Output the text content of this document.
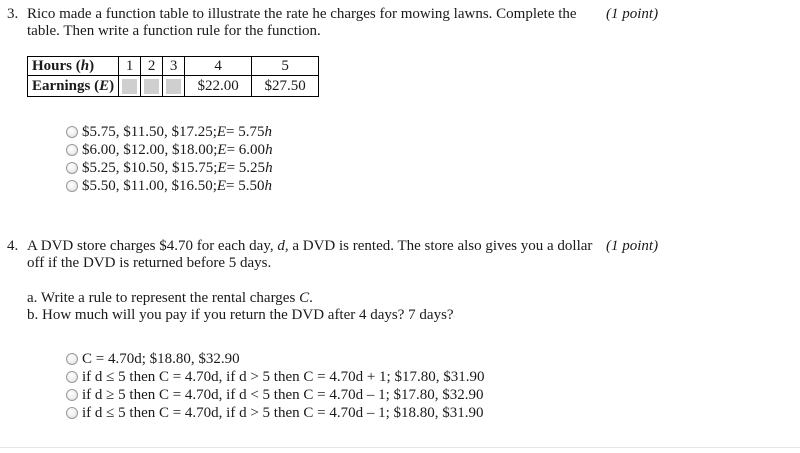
3. Rico made a function table to illustrate the rate he charges for mowing lawns. Complete the (1 point)
table. Then write a function rule for the function.
Hours (h)	1	2	3	4	5
Earnings (E)				$22.00	$27.50
$5.75, $11.50, $17.25; E = 5.75 h
$6.00, $12.00, $18.00; E = 6.00 h
$5.25, $10.50, $15.75; E = 5.25 h
$5.50, $11.00, $16.50; E = 5.50 h
4. A DVD store charges $4.70 for each day, d, a DVD is rented. The store also gives you a dollar (1 point)
off if the DVD is returned before 5 days.
a. Write a rule to represent the rental charges C.
b. How much will you pay if you return the DVD after 4 days? 7 days?
C = 4.70d; $18.80, $32.90
if d ≤ 5 then C = 4.70d, if d > 5 then C = 4.70d + 1; $17.80, $31.90
if d ≥ 5 then C = 4.70d, if d < 5 then C = 4.70d – 1; $17.80, $32.90
if d ≤ 5 then C = 4.70d, if d > 5 then C = 4.70d – 1; $18.80, $31.90
